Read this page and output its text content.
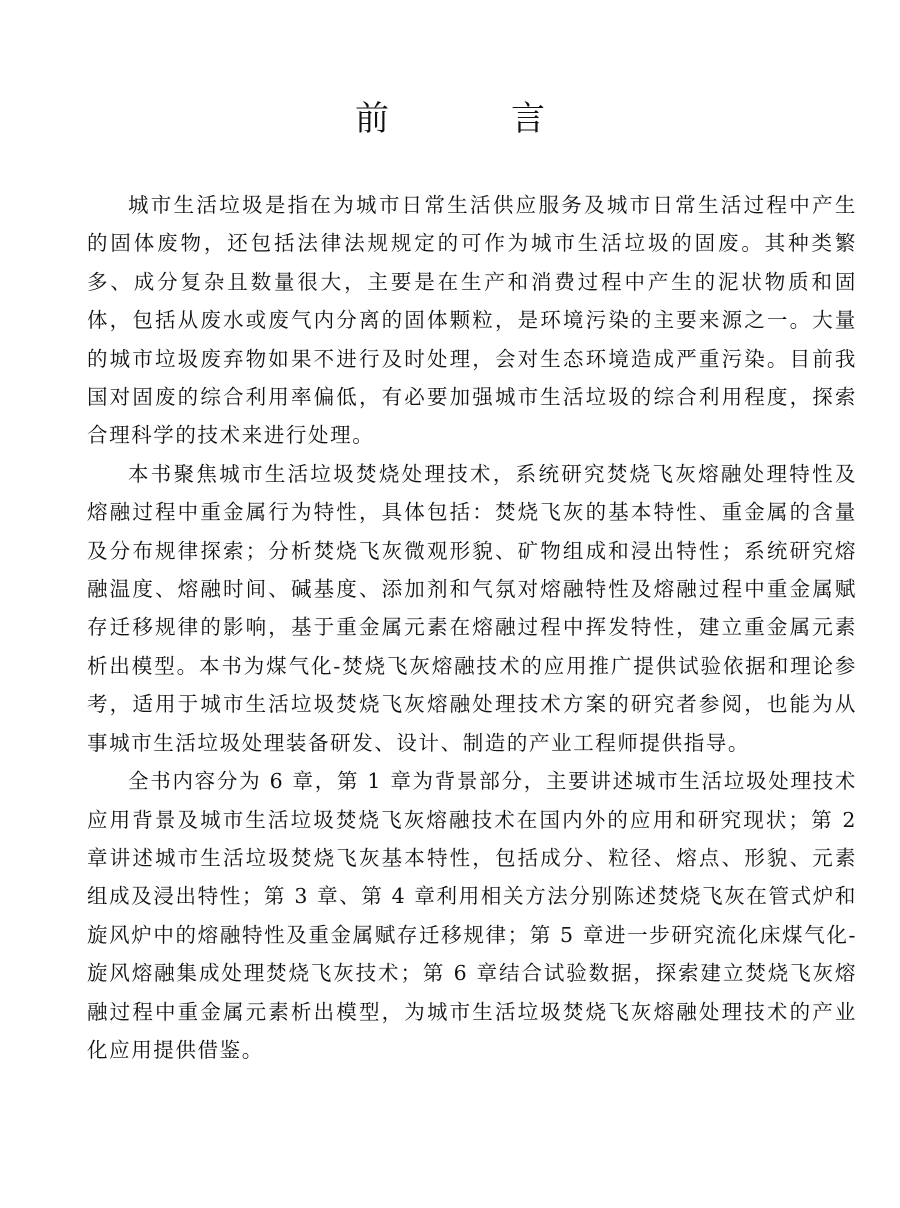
前　言

城市生活垃圾是指在为城市日常生活供应服务及城市日常生活过程中产生的固体废物，还包括法律法规规定的可作为城市生活垃圾的固废。其种类繁多、成分复杂且数量很大，主要是在生产和消费过程中产生的泥状物质和固体，包括从废水或废气内分离的固体颗粒，是环境污染的主要来源之一。大量的城市垃圾废弃物如果不进行及时处理，会对生态环境造成严重污染。目前我国对固废的综合利用率偏低，有必要加强城市生活垃圾的综合利用程度，探索合理科学的技术来进行处理。

本书聚焦城市生活垃圾焚烧处理技术，系统研究焚烧飞灰熔融处理特性及熔融过程中重金属行为特性，具体包括：焚烧飞灰的基本特性、重金属的含量及分布规律探索；分析焚烧飞灰微观形貌、矿物组成和浸出特性；系统研究熔融温度、熔融时间、碱基度、添加剂和气氛对熔融特性及熔融过程中重金属赋存迁移规律的影响，基于重金属元素在熔融过程中挥发特性，建立重金属元素析出模型。本书为煤气化-焚烧飞灰熔融技术的应用推广提供试验依据和理论参考，适用于城市生活垃圾焚烧飞灰熔融处理技术方案的研究者参阅，也能为从事城市生活垃圾处理装备研发、设计、制造的产业工程师提供指导。

全书内容分为 6 章，第 1 章为背景部分，主要讲述城市生活垃圾处理技术应用背景及城市生活垃圾焚烧飞灰熔融技术在国内外的应用和研究现状；第 2 章讲述城市生活垃圾焚烧飞灰基本特性，包括成分、粒径、熔点、形貌、元素组成及浸出特性；第 3 章、第 4 章利用相关方法分别陈述焚烧飞灰在管式炉和旋风炉中的熔融特性及重金属赋存迁移规律；第 5 章进一步研究流化床煤气化-旋风熔融集成处理焚烧飞灰技术；第 6 章结合试验数据，探索建立焚烧飞灰熔融过程中重金属元素析出模型，为城市生活垃圾焚烧飞灰熔融处理技术的产业化应用提供借鉴。
